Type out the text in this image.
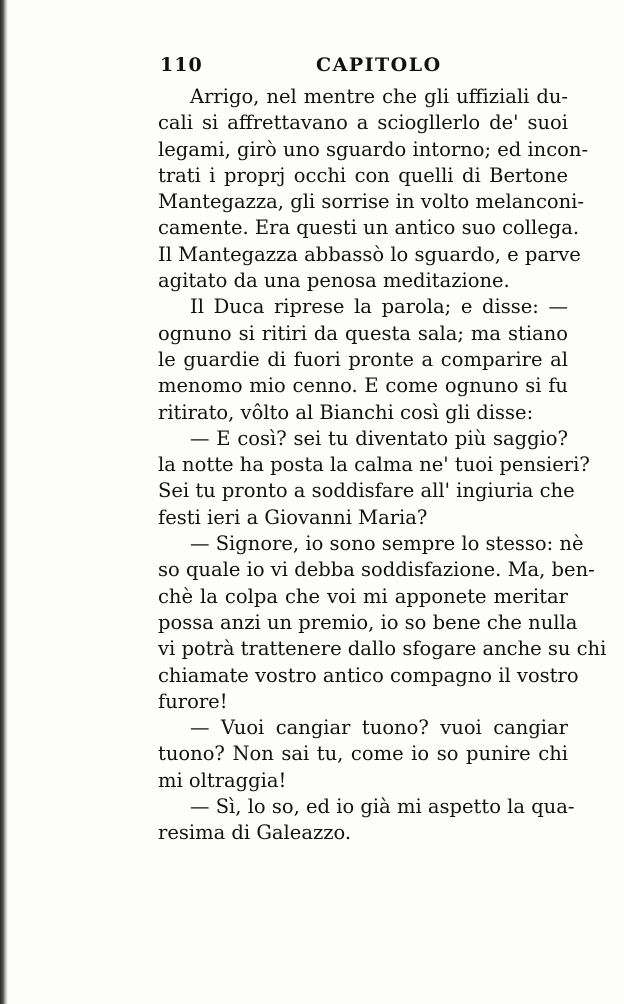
110	CAPITOLO
Arrigo, nel mentre che gli uffiziali du-
cali si affrettavano a sciogllerlo de' suoi
legami, girò uno sguardo intorno; ed incon-
trati i proprj occhi con quelli di Bertone
Mantegazza, gli sorrise in volto melanconi-
camente. Era questi un antico suo collega.
Il Mantegazza abbassò lo sguardo, e parve
agitato da una penosa meditazione.
Il Duca riprese la parola; e disse: —
ognuno si ritiri da questa sala; ma stiano
le guardie di fuori pronte a comparire al
menomo mio cenno. E come ognuno si fu
ritirato, vôlto al Bianchi così gli disse:
— E così? sei tu diventato più saggio?
la notte ha posta la calma ne' tuoi pensieri?
Sei tu pronto a soddisfare all' ingiuria che
festi ieri a Giovanni Maria?
— Signore, io sono sempre lo stesso: nè
so quale io vi debba soddisfazione. Ma, ben-
chè la colpa che voi mi apponete meritar
possa anzi un premio, io so bene che nulla
vi potrà trattenere dallo sfogare anche su chi
chiamate vostro antico compagno il vostro
furore!
— Vuoi cangiar tuono? vuoi cangiar
tuono? Non sai tu, come io so punire chi
mi oltraggia!
— Sì, lo so, ed io già mi aspetto la qua-
resima di Galeazzo.
